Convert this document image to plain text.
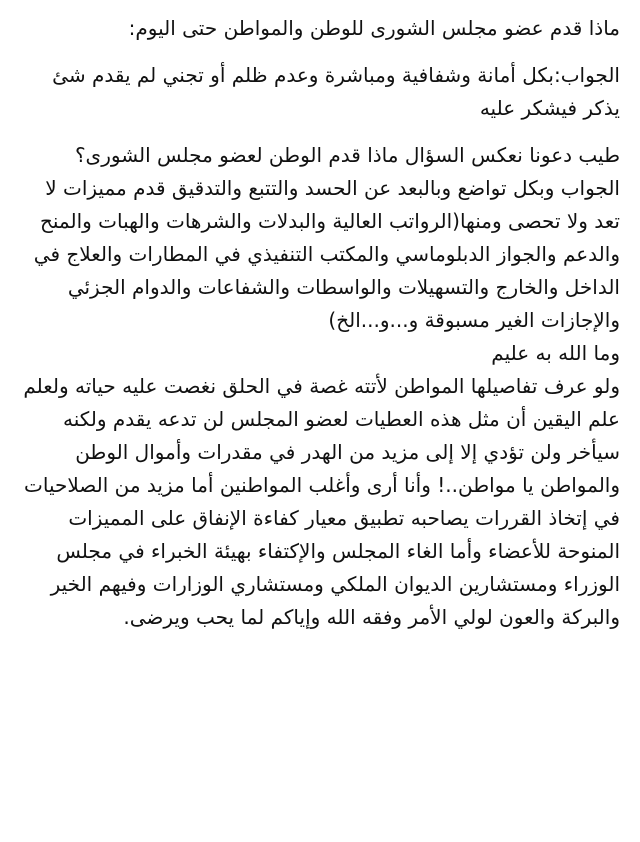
ماذا قدم عضو مجلس الشورى للوطن والمواطن حتى اليوم:

الجواب:بكل أمانة وشفافية ومباشرة وعدم ظلم أو تجني لم يقدم شئ يذكر فيشكر عليه

طيب دعونا نعكس السؤال ماذا قدم الوطن لعضو مجلس الشورى؟

الجواب وبكل تواضع وبالبعد عن الحسد والتتبع والتدقيق قدم مميزات لا تعد ولا تحصى ومنها(الرواتب العالية والبدلات والشرهات والهبات والمنح والدعم والجواز الدبلوماسي والمكتب التنفيذي في المطارات والعلاج في الداخل والخارج والتسهيلات والواسطات والشفاعات والدوام الجزئي والإجازات الغير مسبوقة و...و...الخ)

وما الله به عليم

ولو عرف تفاصيلها المواطن لأتته غصة في الحلق نغصت عليه حياته ولعلم علم اليقين أن مثل هذه العطيات لعضو المجلس لن تدعه يقدم ولكنه سيأخر ولن تؤدي إلا إلى مزيد من الهدر في مقدرات وأموال الوطن والمواطن يا مواطن..! وأنا أرى وأغلب المواطنين أما مزيد من الصلاحيات في إتخاذ القررات يصاحبه تطبيق معيار كفاءة الإنفاق على المميزات المنوحة للأعضاء وأما الغاء المجلس والإكتفاء بهيئة الخبراء في مجلس الوزراء ومستشارين الديوان الملكي ومستشاري الوزارات وفيهم الخير والبركة والعون لولي الأمر وفقه الله وإياكم لما يحب ويرضى.
